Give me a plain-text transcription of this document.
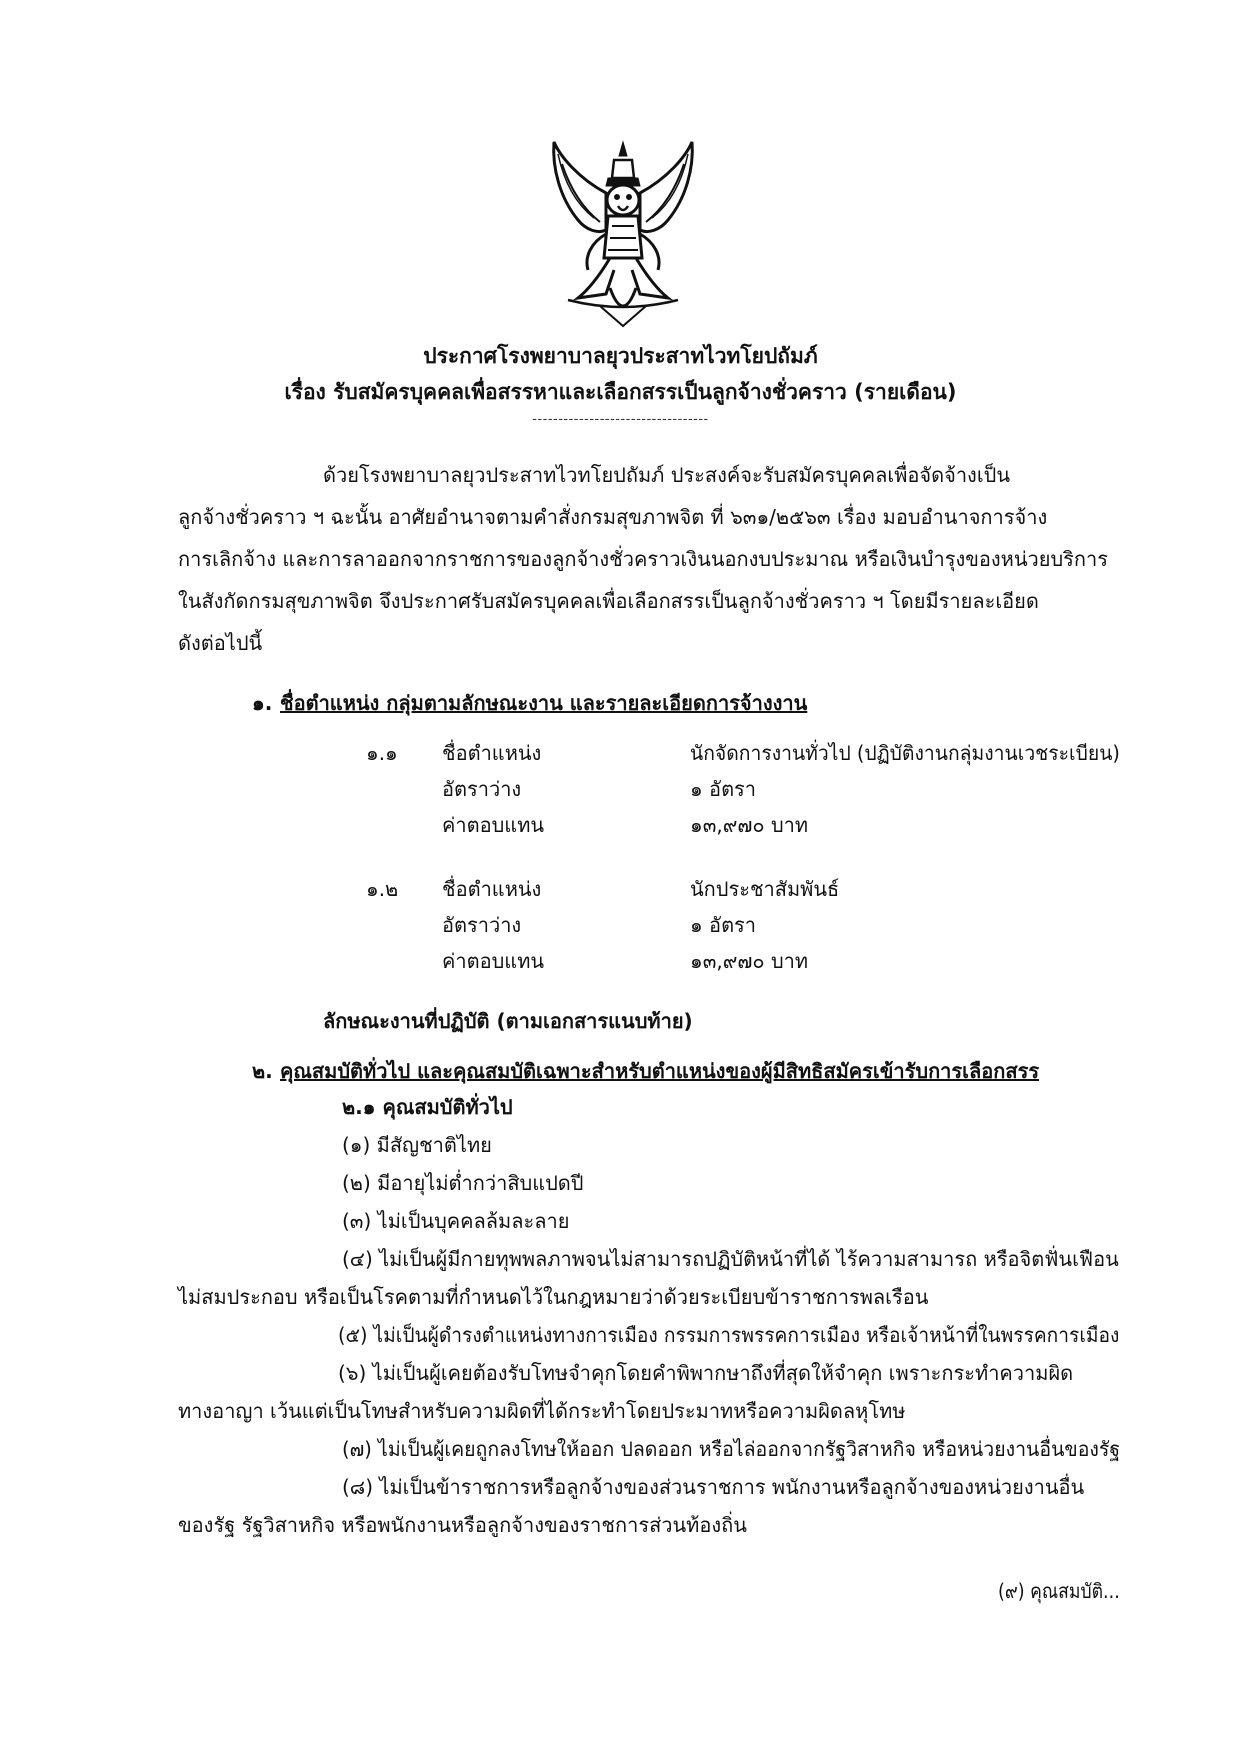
ประกาศโรงพยาบาลยุวประสาทไวทโยปถัมภ์
เรื่อง รับสมัครบุคคลเพื่อสรรหาและเลือกสรรเป็นลูกจ้างชั่วคราว (รายเดือน)
----------------------------------
ด้วยโรงพยาบาลยุวประสาทไวทโยปถัมภ์ ประสงค์จะรับสมัครบุคคลเพื่อจัดจ้างเป็น
ลูกจ้างชั่วคราว ฯ ฉะนั้น อาศัยอำนาจตามคำสั่งกรมสุขภาพจิต ที่ ๖๓๑/๒๕๖๓ เรื่อง มอบอำนาจการจ้าง
การเลิกจ้าง และการลาออกจากราชการของลูกจ้างชั่วคราวเงินนอกงบประมาณ หรือเงินบำรุงของหน่วยบริการ
ในสังกัดกรมสุขภาพจิต จึงประกาศรับสมัครบุคคลเพื่อเลือกสรรเป็นลูกจ้างชั่วคราว ฯ โดยมีรายละเอียด
ดังต่อไปนี้
๑. ชื่อตำแหน่ง กลุ่มตามลักษณะงาน และรายละเอียดการจ้างงาน
๑.๑ ชื่อตำแหน่ง	นักจัดการงานทั่วไป (ปฏิบัติงานกลุ่มงานเวชระเบียน)
อัตราว่าง	๑ อัตรา
ค่าตอบแทน	๑๓,๙๗๐ บาท
๑.๒ ชื่อตำแหน่ง	นักประชาสัมพันธ์
อัตราว่าง	๑ อัตรา
ค่าตอบแทน	๑๓,๙๗๐ บาท
ลักษณะงานที่ปฏิบัติ (ตามเอกสารแนบท้าย)
๒. คุณสมบัติทั่วไป และคุณสมบัติเฉพาะสำหรับตำแหน่งของผู้มีสิทธิสมัครเข้ารับการเลือกสรร
๒.๑ คุณสมบัติทั่วไป
(๑) มีสัญชาติไทย
(๒) มีอายุไม่ต่ำกว่าสิบแปดปี
(๓) ไม่เป็นบุคคลล้มละลาย
(๔) ไม่เป็นผู้มีกายทุพพลภาพจนไม่สามารถปฏิบัติหน้าที่ได้ ไร้ความสามารถ หรือจิตฟั่นเฟือน
ไม่สมประกอบ หรือเป็นโรคตามที่กำหนดไว้ในกฎหมายว่าด้วยระเบียบข้าราชการพลเรือน
(๕) ไม่เป็นผู้ดำรงตำแหน่งทางการเมือง กรรมการพรรคการเมือง หรือเจ้าหน้าที่ในพรรคการเมือง
(๖) ไม่เป็นผู้เคยต้องรับโทษจำคุกโดยคำพิพากษาถึงที่สุดให้จำคุก เพราะกระทำความผิด
ทางอาญา เว้นแต่เป็นโทษสำหรับความผิดที่ได้กระทำโดยประมาทหรือความผิดลหุโทษ
(๗) ไม่เป็นผู้เคยถูกลงโทษให้ออก ปลดออก หรือไล่ออกจากรัฐวิสาหกิจ หรือหน่วยงานอื่นของรัฐ
(๘) ไม่เป็นข้าราชการหรือลูกจ้างของส่วนราชการ พนักงานหรือลูกจ้างของหน่วยงานอื่น
ของรัฐ รัฐวิสาหกิจ หรือพนักงานหรือลูกจ้างของราชการส่วนท้องถิ่น
(๙) คุณสมบัติ...
